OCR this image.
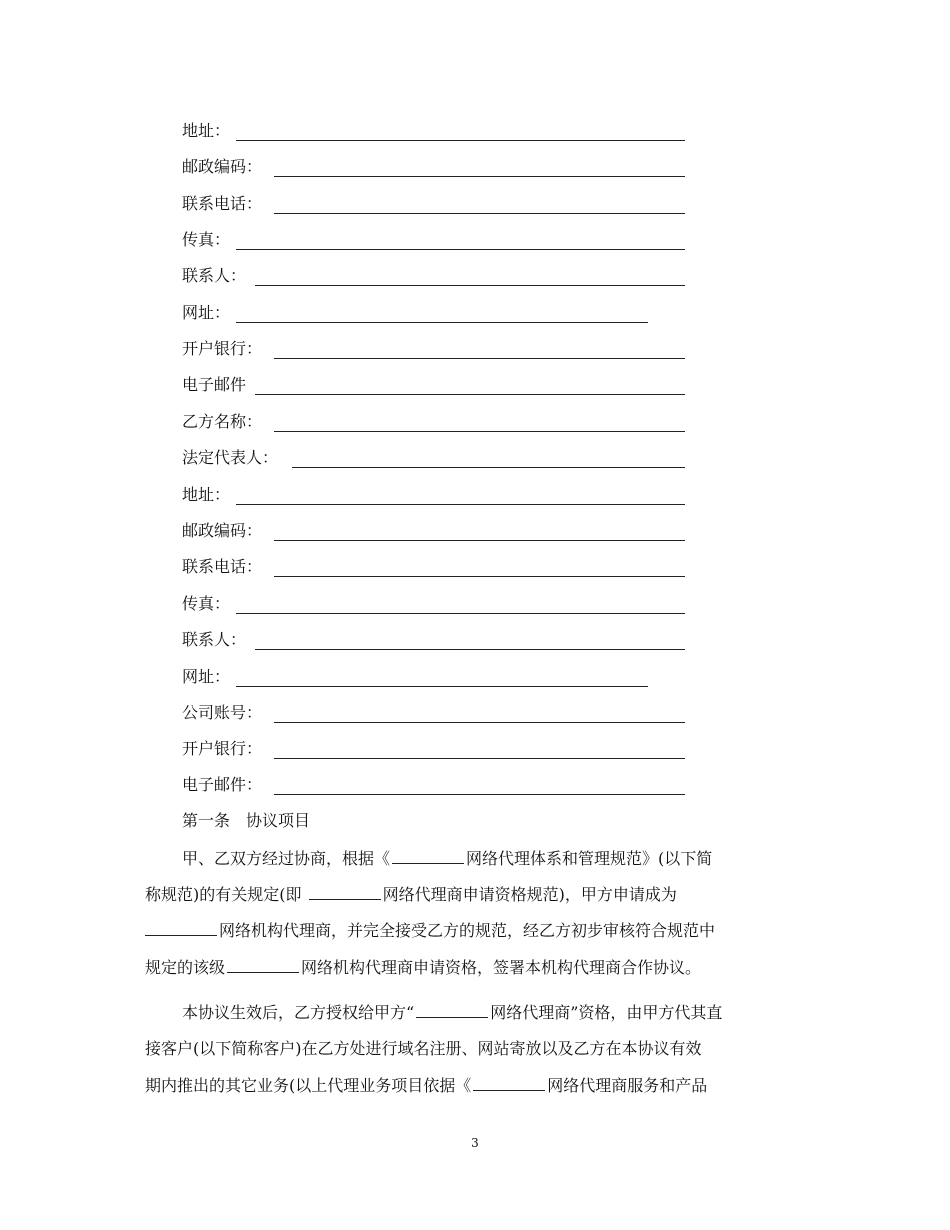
地址：
邮政编码：
联系电话：
传真：
联系人：
网址：
开户银行：
电子邮件
乙方名称：
法定代表人：
地址：
邮政编码：
联系电话：
传真：
联系人：
网址：
公司账号：
开户银行：
电子邮件：
第一条　协议项目
甲、乙双方经过协商，根据《	网络代理体系和管理规范》(以下简
称规范)的有关规定(即	网络代理商申请资格规范)，甲方申请成为
网络机构代理商，并完全接受乙方的规范，经乙方初步审核符合规范中
规定的该级	网络机构代理商申请资格，签署本机构代理商合作协议。
本协议生效后，乙方授权给甲方“	网络代理商”资格，由甲方代其直
接客户(以下简称客户)在乙方处进行域名注册、网站寄放以及乙方在本协议有效
期内推出的其它业务(以上代理业务项目依据《	网络代理商服务和产品
3
